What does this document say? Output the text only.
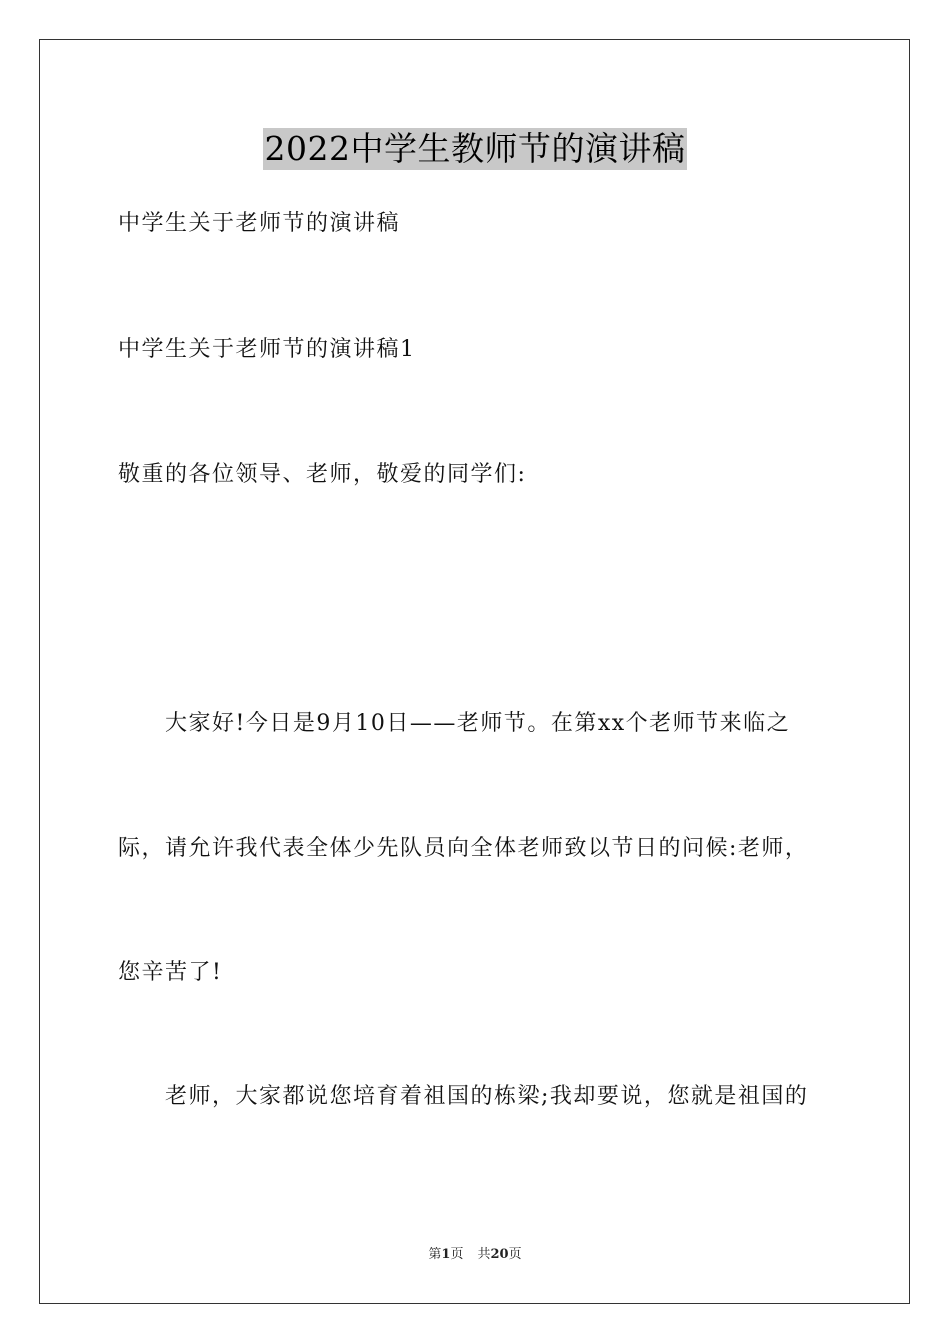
2022中学生教师节的演讲稿
中学生关于老师节的演讲稿
中学生关于老师节的演讲稿1
敬重的各位领导、老师，敬爱的同学们:
大家好!今日是9月10日——老师节。在第xx个老师节来临之
际，请允许我代表全体少先队员向全体老师致以节日的问候:老师，
您辛苦了!
老师，大家都说您培育着祖国的栋梁;我却要说，您就是祖国的
第1页 共20页
